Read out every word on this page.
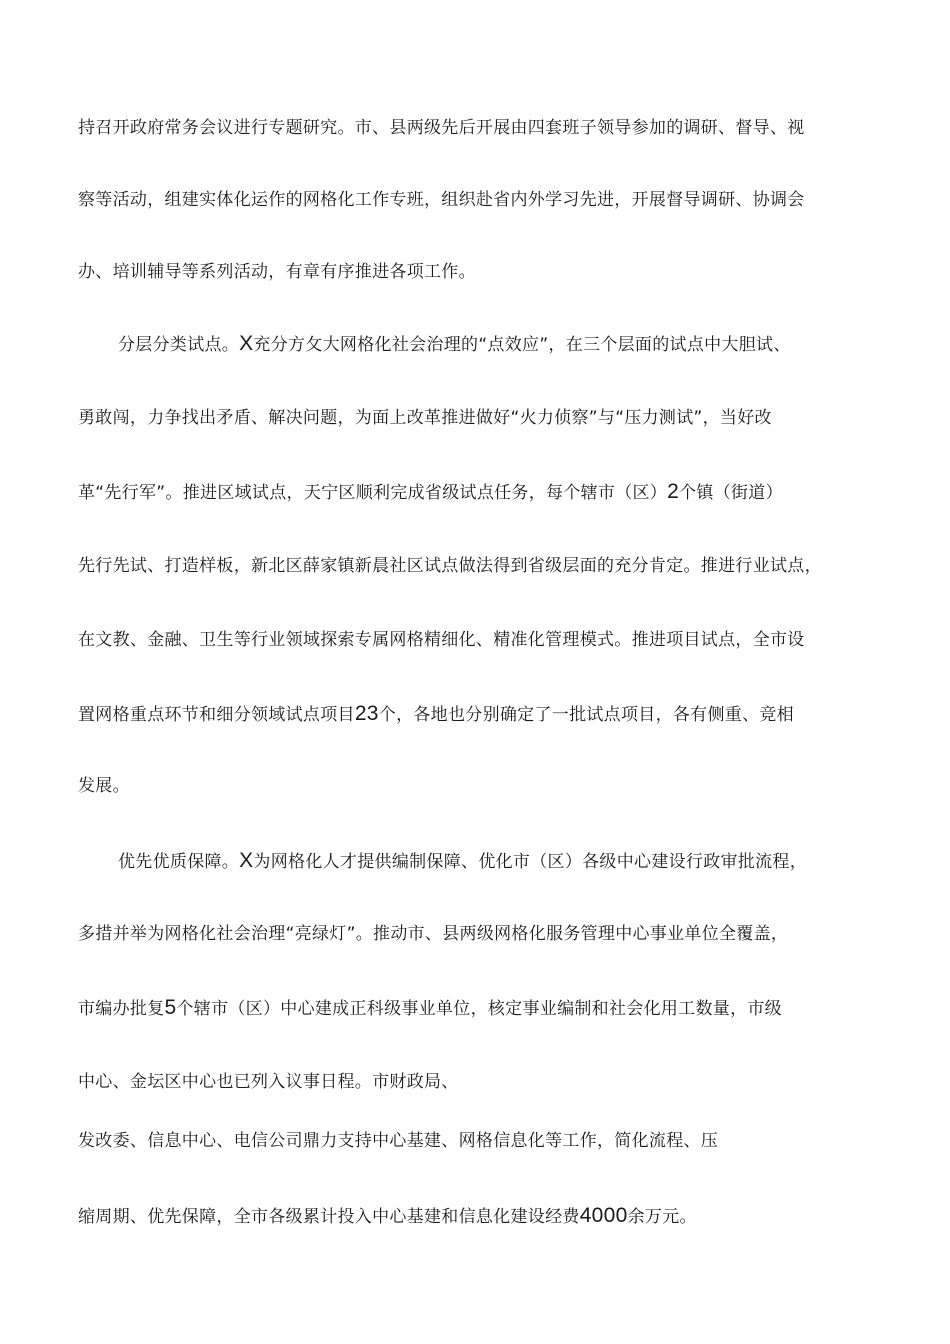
持召开政府常务会议进行专题研究。市、县两级先后开展由四套班子领导参加的调研、督导、视
察等活动，组建实体化运作的网格化工作专班，组织赴省内外学习先进，开展督导调研、协调会
办、培训辅导等系列活动，有章有序推进各项工作。
分层分类试点。X充分方攵大网格化社会治理的“点效应”，在三个层面的试点中大胆试、
勇敢闯，力争找出矛盾、解决问题，为面上改革推进做好“火力侦察”与“压力测试”，当好改
革“先行军”。推进区域试点，天宁区顺利完成省级试点任务，每个辖市（区）2个镇（街道）
先行先试、打造样板，新北区薛家镇新晨社区试点做法得到省级层面的充分肯定。推进行业试点，
在文教、金融、卫生等行业领域探索专属网格精细化、精准化管理模式。推进项目试点，全市设
置网格重点环节和细分领域试点项目23个，各地也分别确定了一批试点项目，各有侧重、竞相
发展。
优先优质保障。X为网格化人才提供编制保障、优化市（区）各级中心建设行政审批流程，
多措并举为网格化社会治理“亮绿灯”。推动市、县两级网格化服务管理中心事业单位全覆盖，
市编办批复5个辖市（区）中心建成正科级事业单位，核定事业编制和社会化用工数量，市级
中心、金坛区中心也已列入议事日程。市财政局、
发改委、信息中心、电信公司鼎力支持中心基建、网格信息化等工作，简化流程、压
缩周期、优先保障，全市各级累计投入中心基建和信息化建设经费4000余万元。
